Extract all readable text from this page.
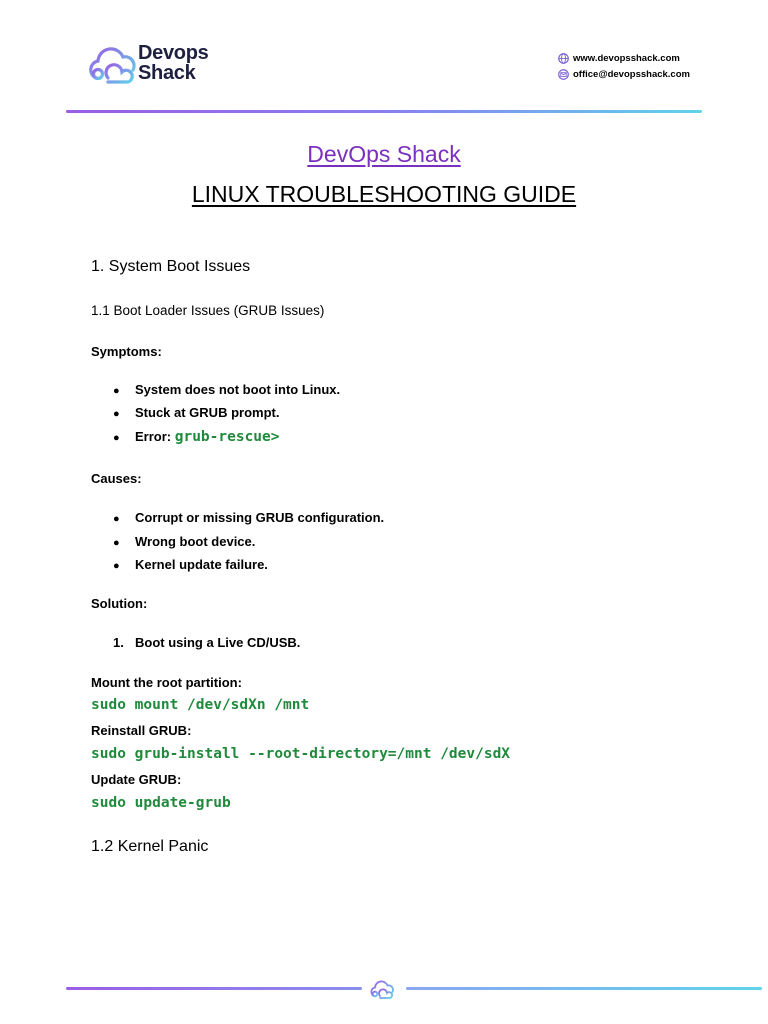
Devops
Shack
www.devopsshack.com
office@devopsshack.com
DevOps Shack
LINUX TROUBLESHOOTING GUIDE
1. System Boot Issues
1.1 Boot Loader Issues (GRUB Issues)
Symptoms:
●	System does not boot into Linux.
●	Stuck at GRUB prompt.
●	Error: grub-rescue>
Causes:
●	Corrupt or missing GRUB configuration.
●	Wrong boot device.
●	Kernel update failure.
Solution:
1. Boot using a Live CD/USB.
Mount the root partition:
sudo mount /dev/sdXn /mnt
Reinstall GRUB:
sudo grub-install --root-directory=/mnt /dev/sdX
Update GRUB:
sudo update-grub
1.2 Kernel Panic
